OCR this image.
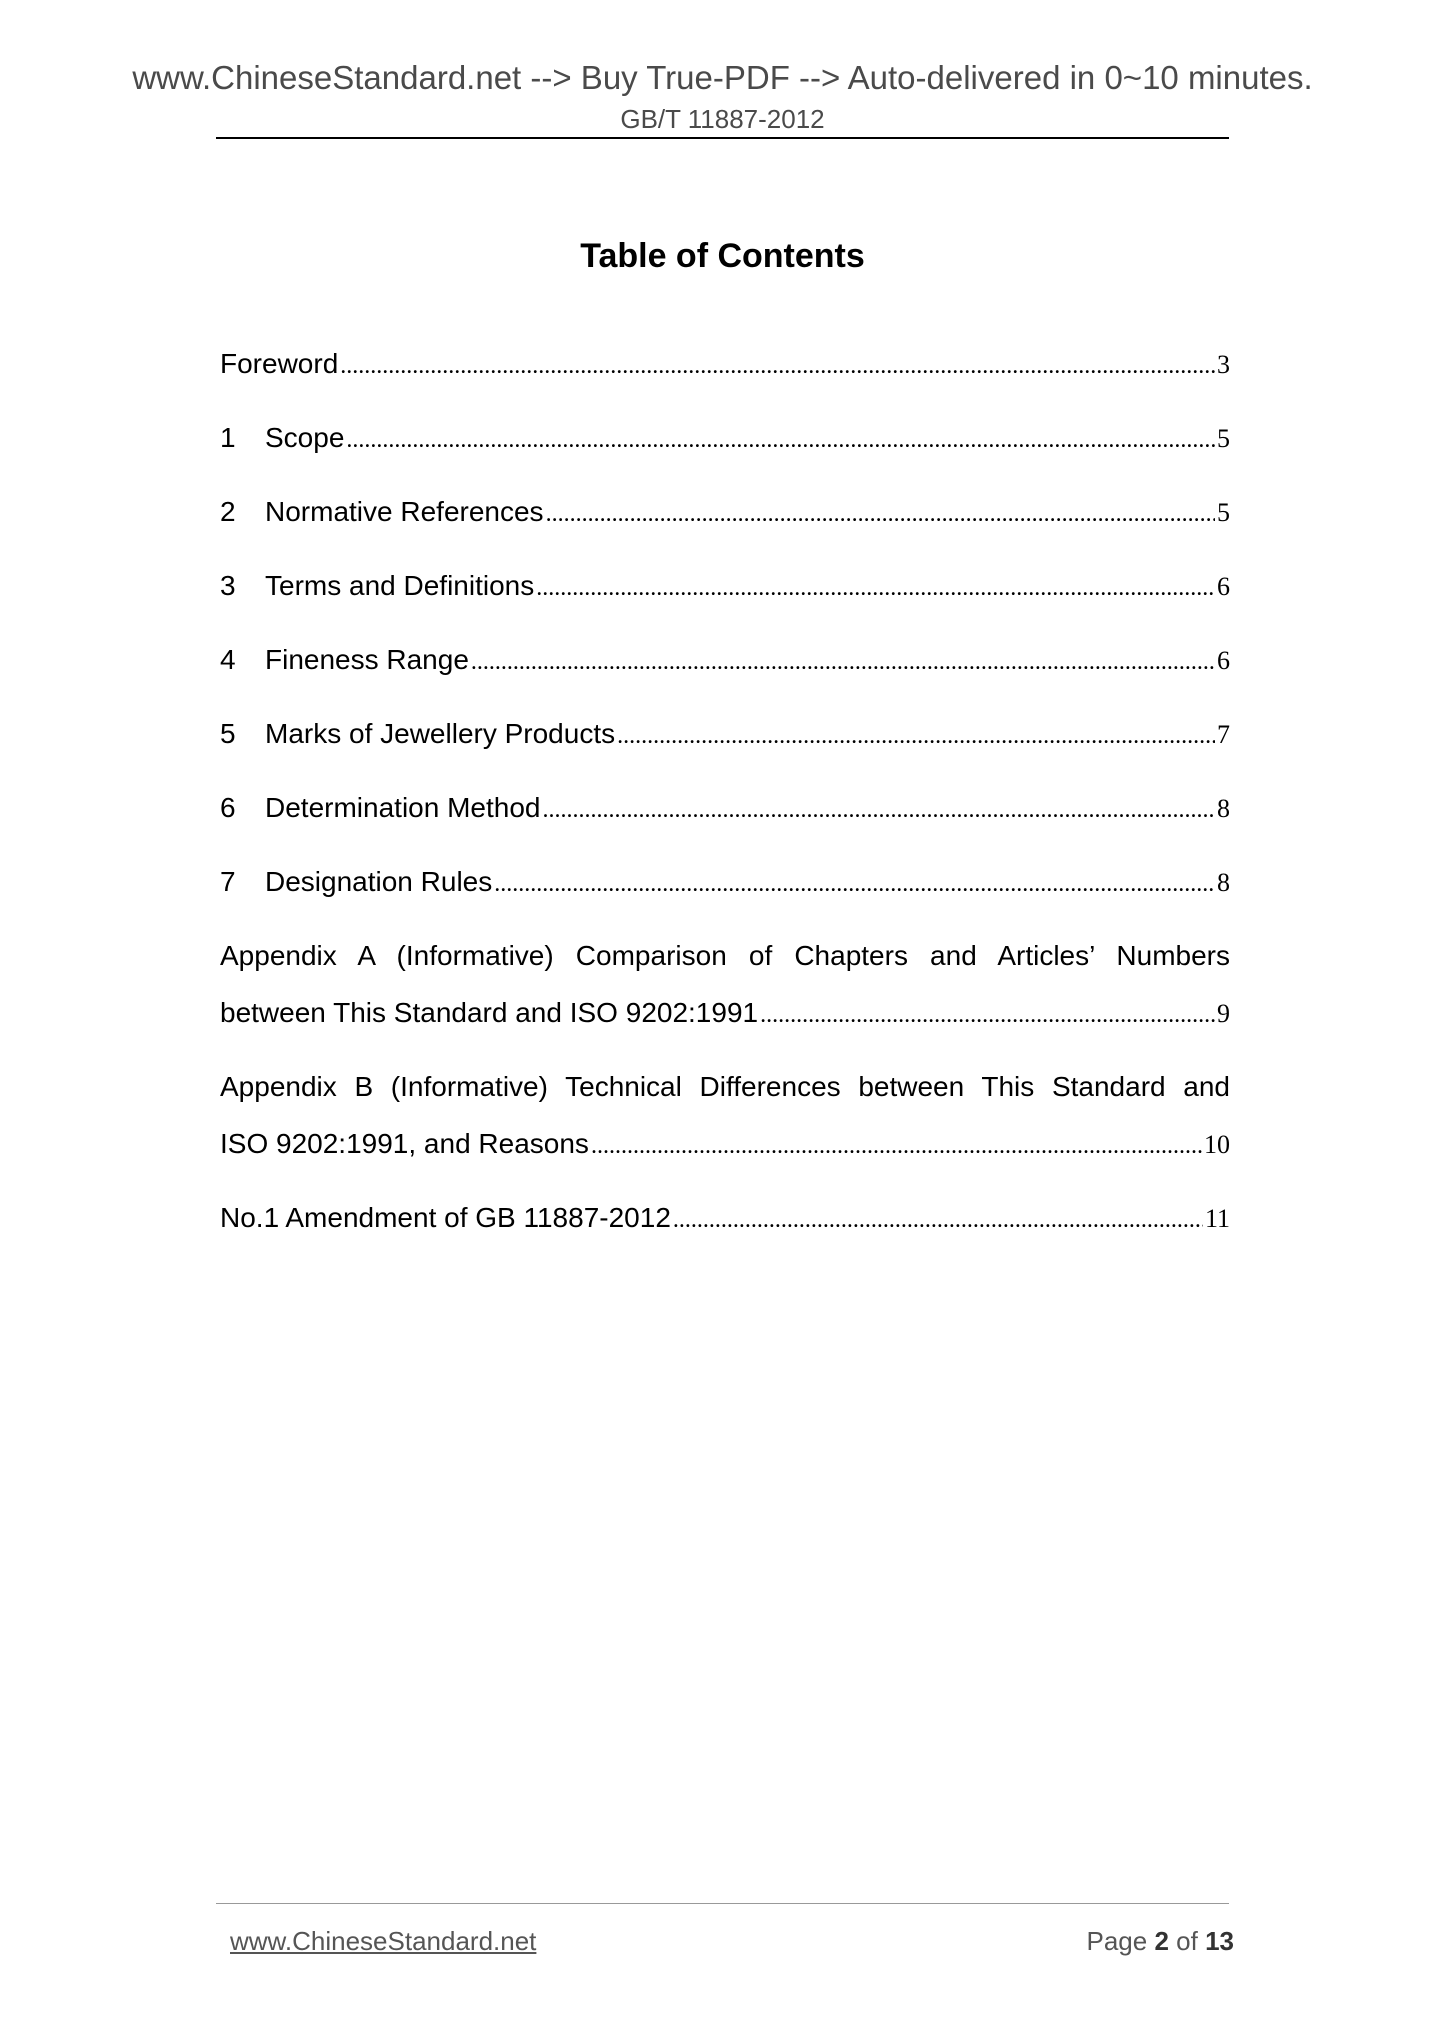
www.ChineseStandard.net --> Buy True-PDF --> Auto-delivered in 0~10 minutes.
GB/T 11887-2012
Table of Contents
Foreword .....	3
1	Scope .....	5
2	Normative References .....	5
3	Terms and Definitions .....	6
4	Fineness Range .....	6
5	Marks of Jewellery Products .....	7
6	Determination Method .....	8
7	Designation Rules .....	8
Appendix A (Informative) Comparison of Chapters and Articles’ Numbers
between This Standard and ISO 9202:1991 .....	9
Appendix B (Informative) Technical Differences between This Standard and
ISO 9202:1991, and Reasons .....	10
No.1 Amendment of GB 11887-2012 .....	11
www.ChineseStandard.net	Page 2 of 13
